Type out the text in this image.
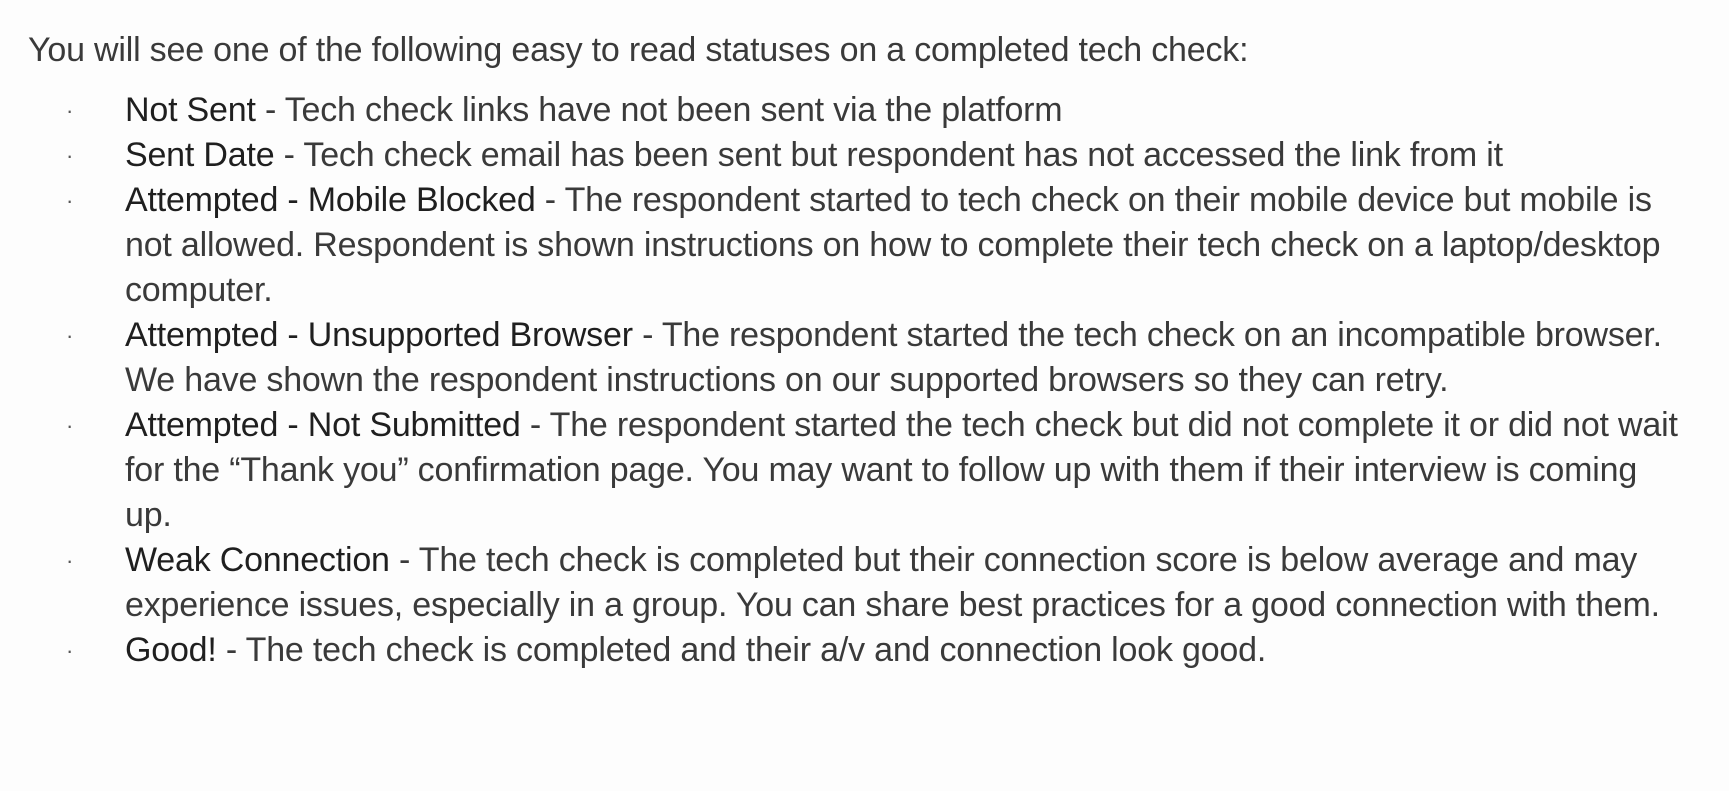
You will see one of the following easy to read statuses on a completed tech check:

· Not Sent - Tech check links have not been sent via the platform
· Sent Date - Tech check email has been sent but respondent has not accessed the link from it
· Attempted - Mobile Blocked - The respondent started to tech check on their mobile device but mobile is not allowed. Respondent is shown instructions on how to complete their tech check on a laptop/desktop computer.
· Attempted - Unsupported Browser - The respondent started the tech check on an incompatible browser. We have shown the respondent instructions on our supported browsers so they can retry.
· Attempted - Not Submitted - The respondent started the tech check but did not complete it or did not wait for the “Thank you” confirmation page. You may want to follow up with them if their interview is coming up.
· Weak Connection - The tech check is completed but their connection score is below average and may experience issues, especially in a group. You can share best practices for a good connection with them.
· Good! - The tech check is completed and their a/v and connection look good.
